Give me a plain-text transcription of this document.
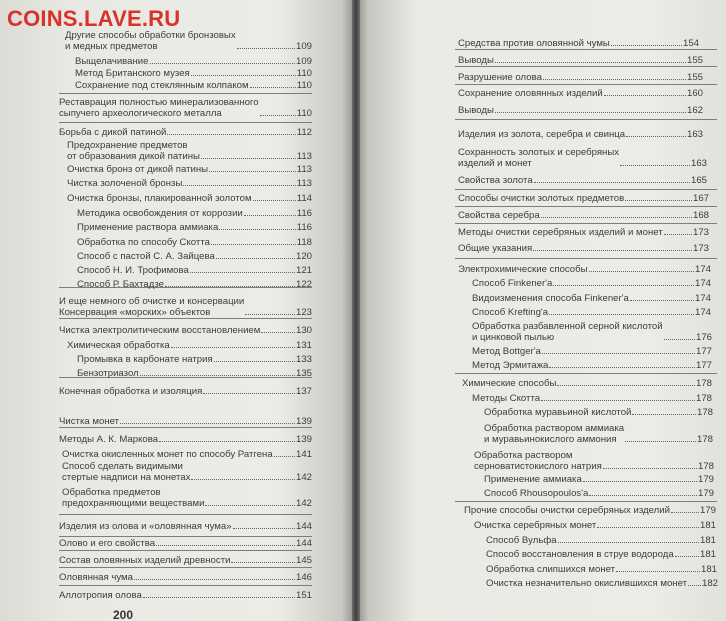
200
Другие способы обработки бронзовых
и медных предметов	109
Выщелачивание	109
Метод Британского музея	110
Сохранение под стеклянным колпаком	110
Реставрация полностью минерализованного
сыпучего археологического металла	110
Борьба с дикой патиной	112
Предохранение предметов
от образования дикой патины	113
Очистка бронз от дикой патины	113
Чистка золоченой бронзы	113
Очистка бронзы, плакированной золотом	114
Методика освобождения от коррозии	116
Применение раствора аммиака	116
Обработка по способу Скотта	118
Способ с пастой С. А. Зайцева	120
Способ Н. И. Трофимова	121
Способ Р. Бахтадзе	122
И еще немного об очистке и консервации
Консервация «морских» объектов	123
Чистка электролитическим восстановлением	130
Химическая обработка	131
Промывка в карбонате натрия	133
Бензотриазол	135
Конечная обработка и изоляция	137
Чистка монет	139
Методы А. К. Маркова	139
Очистка окисленных монет по способу Ратгена 141
Способ сделать видимыми
стертые надписи на монетах	142
Обработка предметов
предохраняющими веществами	142
Изделия из олова и «оловянная чума»	144
Олово и его свойства	144
Состав оловянных изделий древности	145
Оловянная чума	146
Аллотропия олова	151
Средства против оловянной чумы	154
Выводы	155
Разрушение олова	155
Сохранение оловянных изделий	160
Выводы	162
Изделия из золота, серебра и свинца	163
Сохранность золотых и серебряных
изделий и монет	163
Свойства золота	165
Способы очистки золотых предметов	167
Свойства серебра	168
Методы очистки серебряных изделий и монет	173
Общие указания	173
Электрохимические способы	174
Способ Finkener'а	174
Видоизменения способа Finkener'а	174
Способ Krefting'а	174
Обработка разбавленной серной кислотой
и цинковой пылью	176
Метод Bottger'а	177
Метод Эрмитажа	177
Химические способы	178
Методы Скотта	178
Обработка муравьиной кислотой	178
Обработка раствором аммиака
и муравьинокислого аммония	178
Обработка раствором
серноватистокислого натрия	178
Применение аммиака	179
Способ Rhousopoulos'а	179
Прочие способы очистки серебряных изделий	179
Очистка серебряных монет	181
Способ Вульфа	181
Способ восстановления в струе водорода	181
Обработка слипшихся монет	181
Очистка незначительно окислившихся монет 182
COINS.LAVE.RU
